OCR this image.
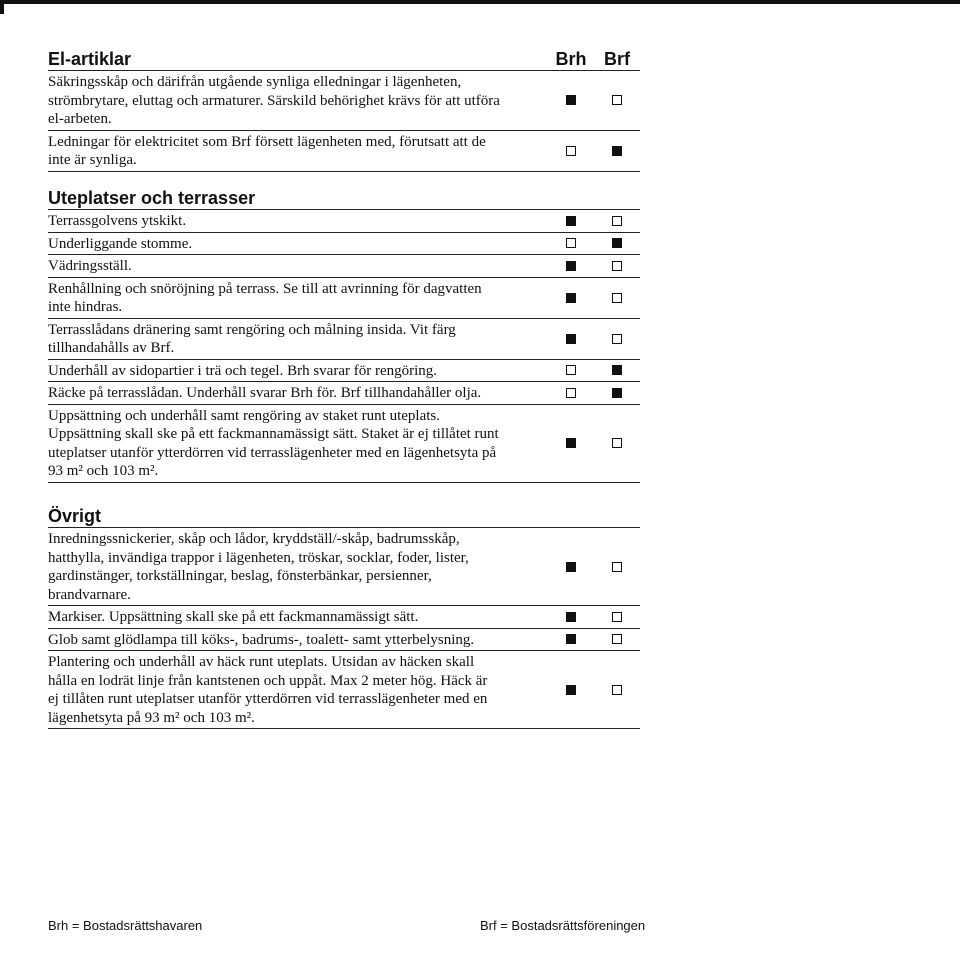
El-artiklar	Brh Brf
Säkringsskåp och därifrån utgående synliga elledningar i lägenheten,
strömbrytare, eluttag och armaturer. Särskild behörighet krävs för att utföra
el-arbeten.
Ledningar för elektricitet som Brf försett lägenheten med, förutsatt att de
inte är synliga.
Uteplatser och terrasser
Terrassgolvens ytskikt.
Underliggande stomme.
Vädringsställ.
Renhållning och snöröjning på terrass. Se till att avrinning för dagvatten
inte hindras.
Terrasslådans dränering samt rengöring och målning insida. Vit färg
tillhandahålls av Brf.
Underhåll av sidopartier i trä och tegel. Brh svarar för rengöring.
Räcke på terrasslådan. Underhåll svarar Brh för. Brf tillhandahåller olja.
Uppsättning och underhåll samt rengöring av staket runt uteplats.
Uppsättning skall ske på ett fackmannamässigt sätt. Staket är ej tillåtet runt
uteplatser utanför ytterdörren vid terrasslägenheter med en lägenhetsyta på
93 m² och 103 m².
Övrigt
Inredningssnickerier, skåp och lådor, kryddställ/-skåp, badrumsskåp,
hatthylla, invändiga trappor i lägenheten, tröskar, socklar, foder, lister,
gardinstänger, torkställningar, beslag, fönsterbänkar, persienner,
brandvarnare.
Markiser. Uppsättning skall ske på ett fackmannamässigt sätt.
Glob samt glödlampa till köks-, badrums-, toalett- samt ytterbelysning.
Plantering och underhåll av häck runt uteplats. Utsidan av häcken skall
hålla en lodrät linje från kantstenen och uppåt. Max 2 meter hög. Häck är
ej tillåten runt uteplatser utanför ytterdörren vid terrasslägenheter med en
lägenhetsyta på 93 m² och 103 m².
Brh = Bostadsrättshavaren	Brf = Bostadsrättsföreningen
